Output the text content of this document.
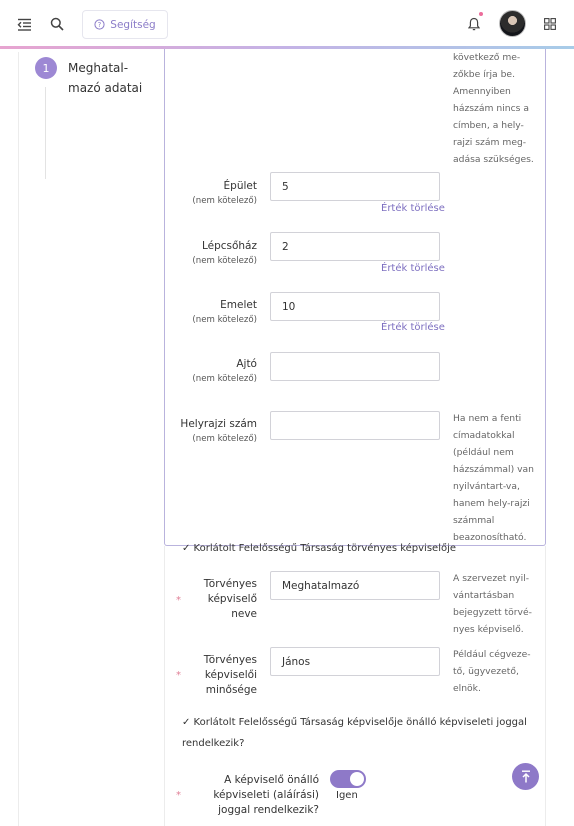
? Segítség
1	Meghatal-mazó adatai
következő me-zőkbe írja be. Amennyiben házszám nincs a címben, a hely-rajzi szám meg-adása szükséges.
Épület
(nem kötelező)
5
Érték törlése
Lépcsőház
(nem kötelező)
2
Érték törlése
Emelet
(nem kötelező)
10
Érték törlése
Ajtó
(nem kötelező)
Helyrajzi szám
(nem kötelező)
Ha nem a fenti címadatokkal (például nem házszámmal) van nyilvántart-va, hanem hely-rajzi számmal beazonosítható.
✓ Korlátolt Felelősségű Társaság törvényes képviselője
*
Törvényes képviselő neve
Meghatalmazó
A szervezet nyil-vántartásban bejegyzett törvé-nyes képviselő.
*
Törvényes képviselői minősége
János
Például cégveze-tő, ügyvezető, elnök.
✓ Korlátolt Felelősségű Társaság képviselője önálló képviseleti joggal rendelkezik?
*
A képviselő önálló képviseleti (aláírási) joggal rendelkezik?
Igen
